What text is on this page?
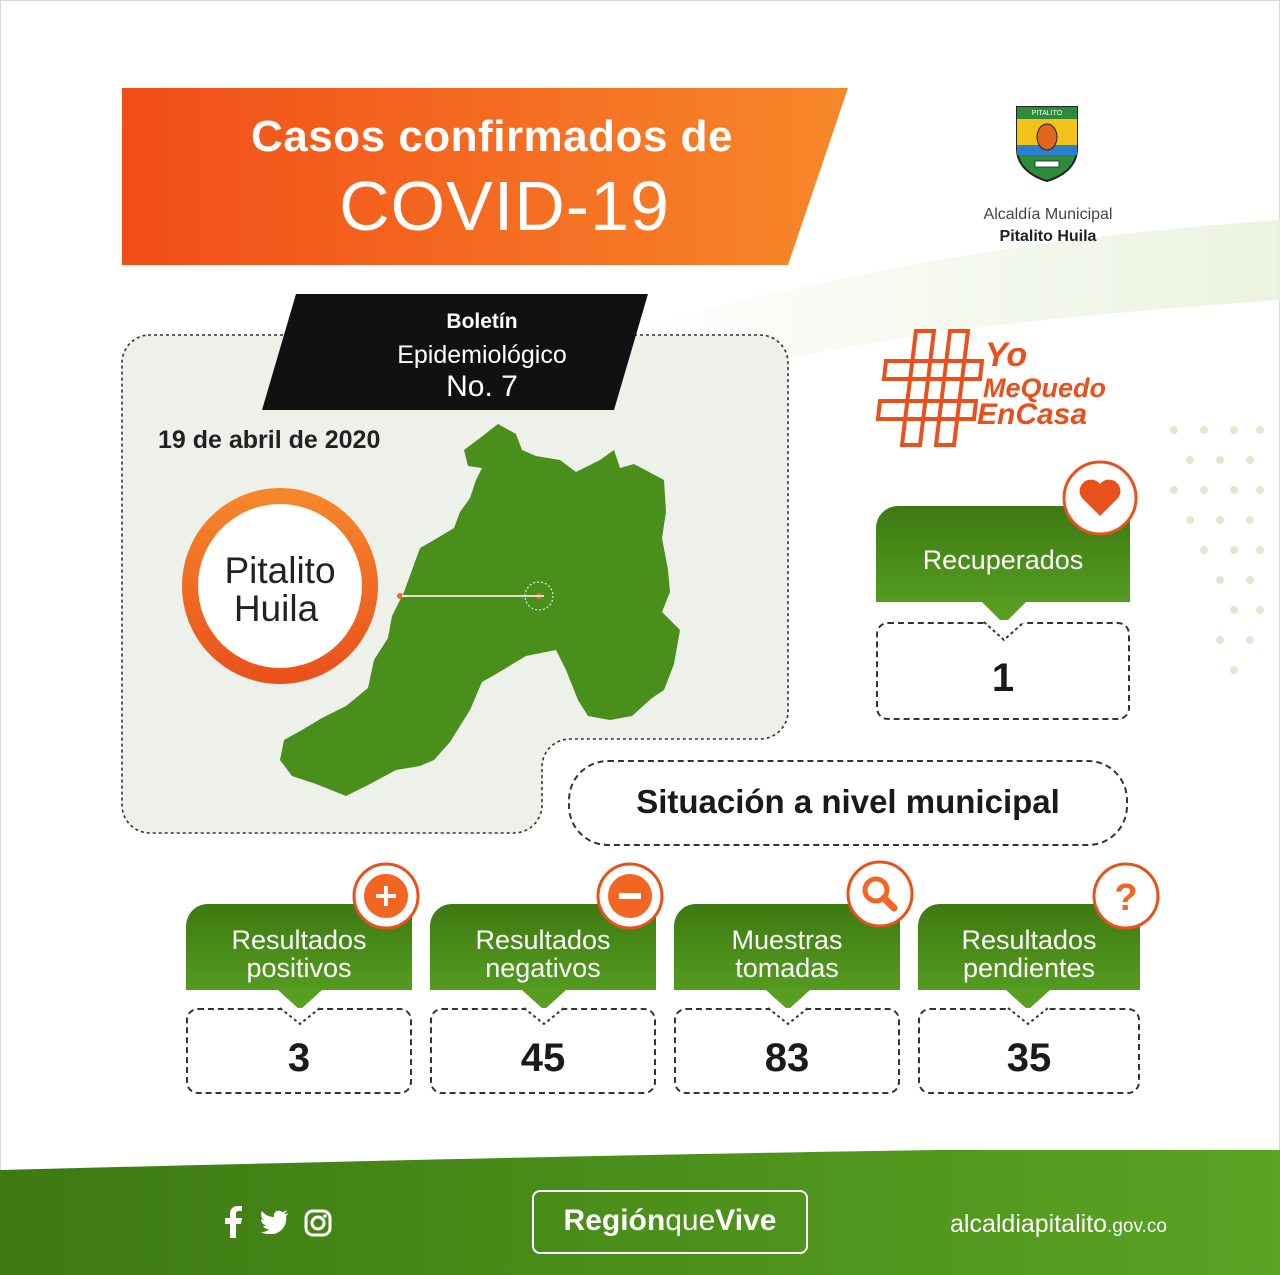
Casos confirmados de
COVID-19
PITALITO
Alcaldía Municipal
Pitalito Huila
Boletín
Epidemiológico
No. 7
19 de abril de 2020
Pitalito
Huila
Yo
MeQuedo
EnCasa
Recuperados
1
Situación a nivel municipal
Resultados
positivos
3
Resultados
negativos
45
Muestras
tomadas
83
Resultados
pendientes
35
?
RegiónqueVive	alcaldiapitalito.gov.co
